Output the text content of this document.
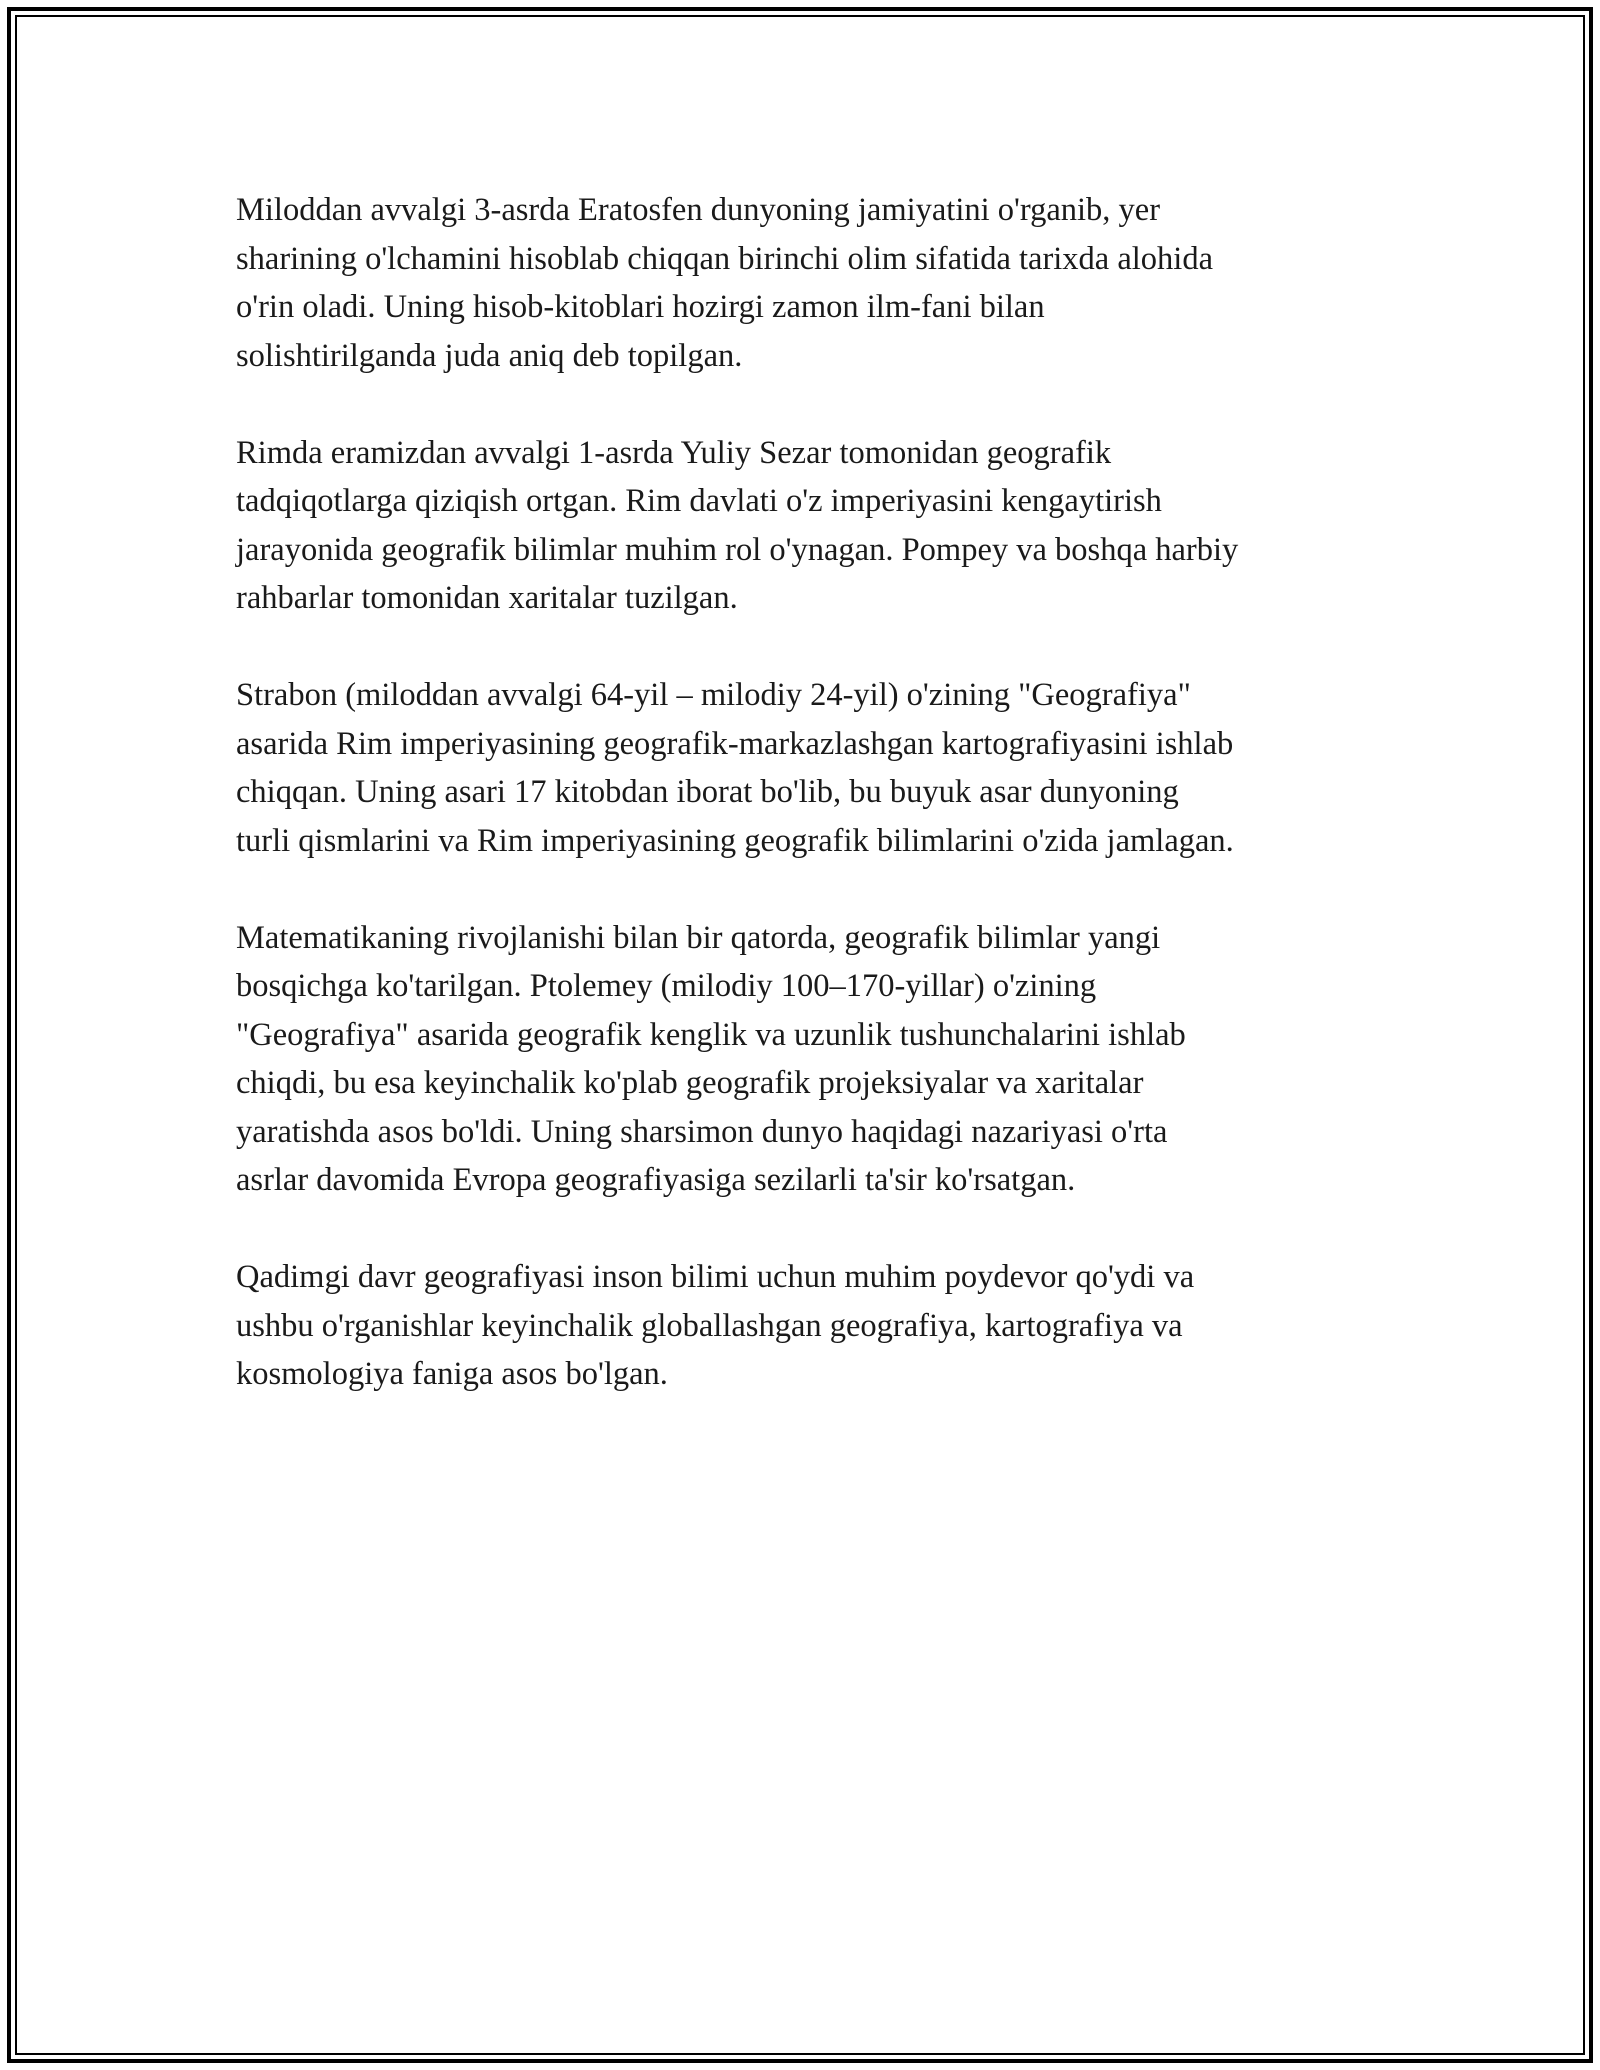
Miloddan avvalgi 3-asrda Eratosfen dunyoning jamiyatini o'rganib, yer
sharining o'lchamini hisoblab chiqqan birinchi olim sifatida tarixda alohida
o'rin oladi. Uning hisob-kitoblari hozirgi zamon ilm-fani bilan
solishtirilganda juda aniq deb topilgan.

Rimda eramizdan avvalgi 1-asrda Yuliy Sezar tomonidan geografik
tadqiqotlarga qiziqish ortgan. Rim davlati o'z imperiyasini kengaytirish
jarayonida geografik bilimlar muhim rol o'ynagan. Pompey va boshqa harbiy
rahbarlar tomonidan xaritalar tuzilgan.

Strabon (miloddan avvalgi 64-yil – milodiy 24-yil) o'zining "Geografiya"
asarida Rim imperiyasining geografik-markazlashgan kartografiyasini ishlab
chiqqan. Uning asari 17 kitobdan iborat bo'lib, bu buyuk asar dunyoning
turli qismlarini va Rim imperiyasining geografik bilimlarini o'zida jamlagan.

Matematikaning rivojlanishi bilan bir qatorda, geografik bilimlar yangi
bosqichga ko'tarilgan. Ptolemey (milodiy 100–170-yillar) o'zining
"Geografiya" asarida geografik kenglik va uzunlik tushunchalarini ishlab
chiqdi, bu esa keyinchalik ko'plab geografik projeksiyalar va xaritalar
yaratishda asos bo'ldi. Uning sharsimon dunyo haqidagi nazariyasi o'rta
asrlar davomida Evropa geografiyasiga sezilarli ta'sir ko'rsatgan.

Qadimgi davr geografiyasi inson bilimi uchun muhim poydevor qo'ydi va
ushbu o'rganishlar keyinchalik globallashgan geografiya, kartografiya va
kosmologiya faniga asos bo'lgan.
